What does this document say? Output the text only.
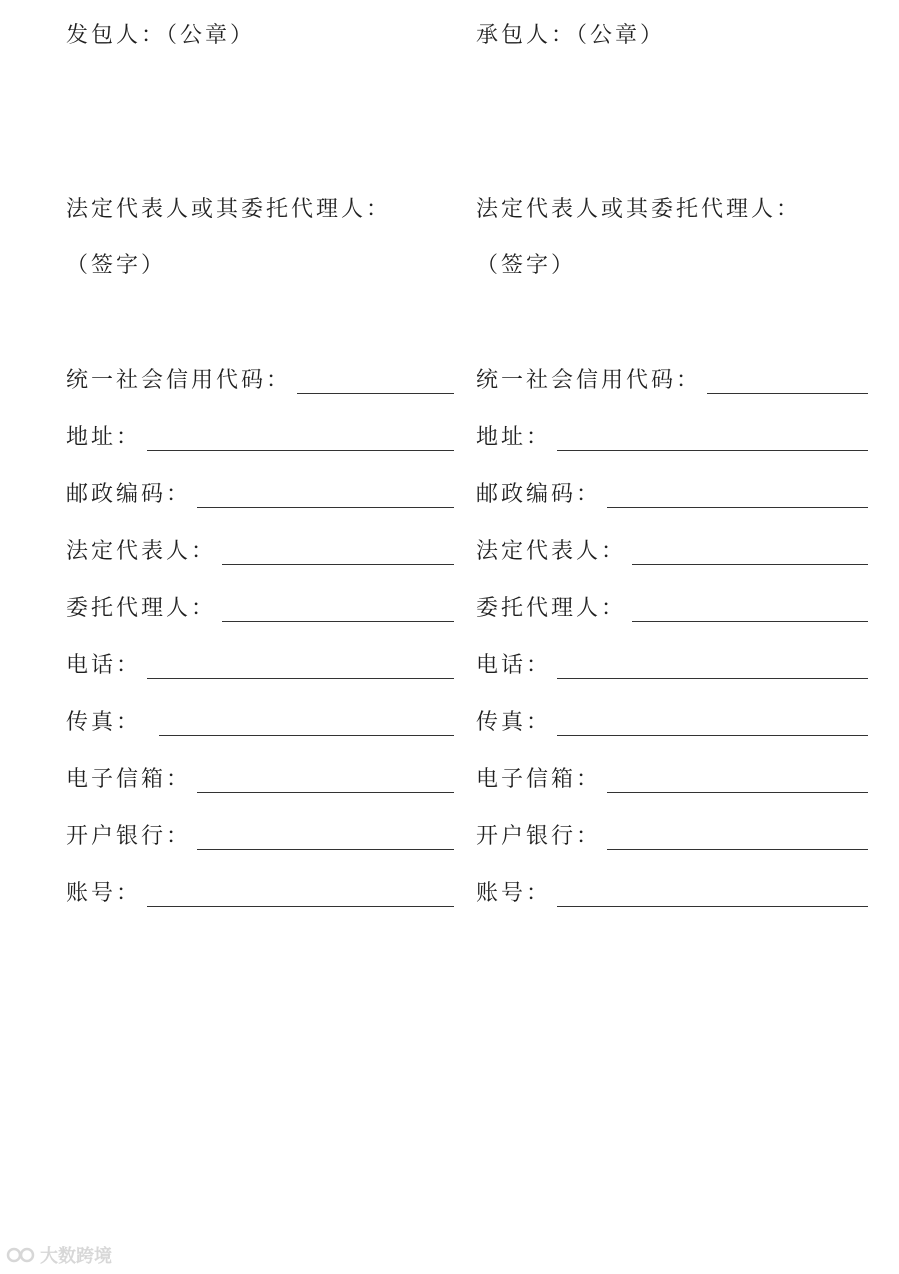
发包人：（公章）
法定代表人或其委托代理人：
（签字）
统一社会信用代码：
地址：
邮政编码：
法定代表人：
委托代理人：
电话：
传真：
电子信箱：
开户银行：
账号：
承包人：（公章）
法定代表人或其委托代理人：
（签字）
统一社会信用代码：
地址：
邮政编码：
法定代表人：
委托代理人：
电话：
传真：
电子信箱：
开户银行：
账号：
大数跨境
